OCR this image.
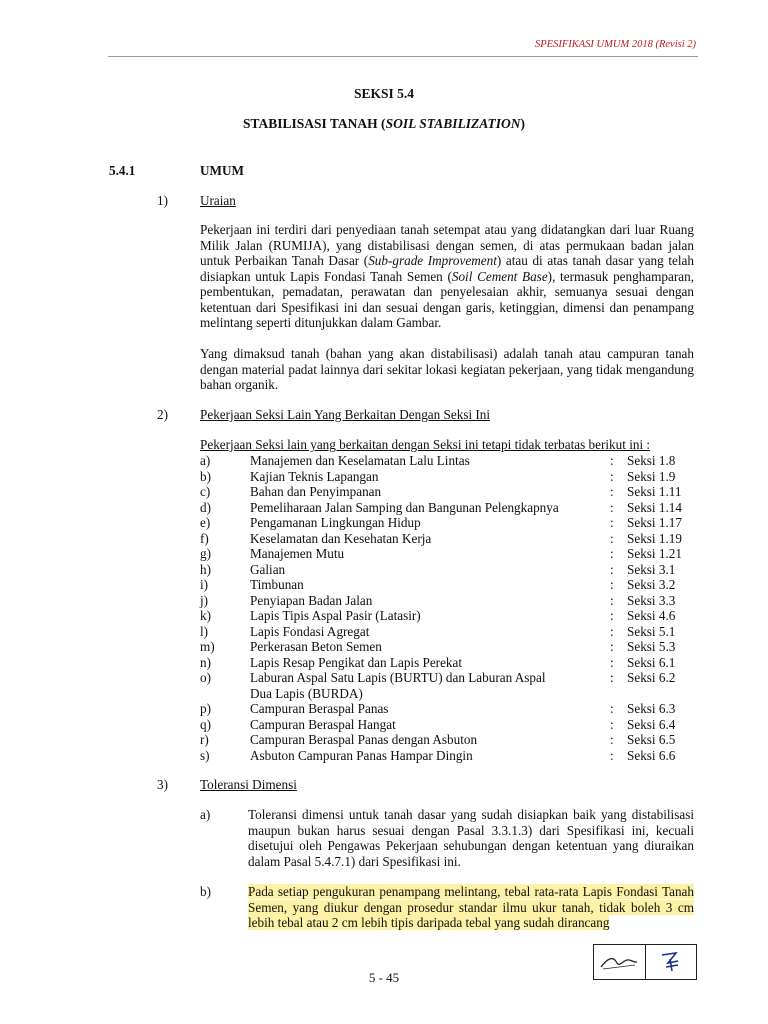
SPESIFIKASI UMUM 2018 (Revisi 2)
SEKSI 5.4
STABILISASI TANAH (SOIL STABILIZATION)
5.4.1	UMUM
1) Uraian
Pekerjaan ini terdiri dari penyediaan tanah setempat atau yang didatangkan dari luar Ruang Milik Jalan (RUMIJA), yang distabilisasi dengan semen, di atas permukaan badan jalan untuk Perbaikan Tanah Dasar (Sub-grade Improvement) atau di atas tanah dasar yang telah disiapkan untuk Lapis Fondasi Tanah Semen (Soil Cement Base), termasuk penghamparan, pembentukan, pemadatan, perawatan dan penyelesaian akhir, semuanya sesuai dengan ketentuan dari Spesifikasi ini dan sesuai dengan garis, ketinggian, dimensi dan penampang melintang seperti ditunjukkan dalam Gambar.
Yang dimaksud tanah (bahan yang akan distabilisasi) adalah tanah atau campuran tanah dengan material padat lainnya dari sekitar lokasi kegiatan pekerjaan, yang tidak mengandung bahan organik.
2) Pekerjaan Seksi Lain Yang Berkaitan Dengan Seksi Ini
Pekerjaan Seksi lain yang berkaitan dengan Seksi ini tetapi tidak terbatas berikut ini :
a)	Manajemen dan Keselamatan Lalu Lintas	: Seksi 1.8
b)	Kajian Teknis Lapangan	: Seksi 1.9
c)	Bahan dan Penyimpanan	: Seksi 1.11
d)	Pemeliharaan Jalan Samping dan Bangunan Pelengkapnya	: Seksi 1.14
e)	Pengamanan Lingkungan Hidup	: Seksi 1.17
f)	Keselamatan dan Kesehatan Kerja	: Seksi 1.19
g)	Manajemen Mutu	: Seksi 1.21
h)	Galian	: Seksi 3.1
i)	Timbunan	: Seksi 3.2
j)	Penyiapan Badan Jalan	: Seksi 3.3
k)	Lapis Tipis Aspal Pasir (Latasir)	: Seksi 4.6
l)	Lapis Fondasi Agregat	: Seksi 5.1
m)	Perkerasan Beton Semen	: Seksi 5.3
n)	Lapis Resap Pengikat dan Lapis Perekat	: Seksi 6.1
o)	Laburan Aspal Satu Lapis (BURTU) dan Laburan Aspal	: Seksi 6.2
Dua Lapis (BURDA)
p)	Campuran Beraspal Panas	: Seksi 6.3
q)	Campuran Beraspal Hangat	: Seksi 6.4
r)	Campuran Beraspal Panas dengan Asbuton	: Seksi 6.5
s)	Asbuton Campuran Panas Hampar Dingin	: Seksi 6.6
3) Toleransi Dimensi
a)	Toleransi dimensi untuk tanah dasar yang sudah disiapkan baik yang distabilisasi maupun bukan harus sesuai dengan Pasal 3.3.1.3) dari Spesifikasi ini, kecuali disetujui oleh Pengawas Pekerjaan sehubungan dengan ketentuan yang diuraikan dalam Pasal 5.4.7.1) dari Spesifikasi ini.
b)	Pada setiap pengukuran penampang melintang, tebal rata-rata Lapis Fondasi Tanah Semen, yang diukur dengan prosedur standar ilmu ukur tanah, tidak boleh 3 cm lebih tebal atau 2 cm lebih tipis daripada tebal yang sudah dirancang
5 - 45
